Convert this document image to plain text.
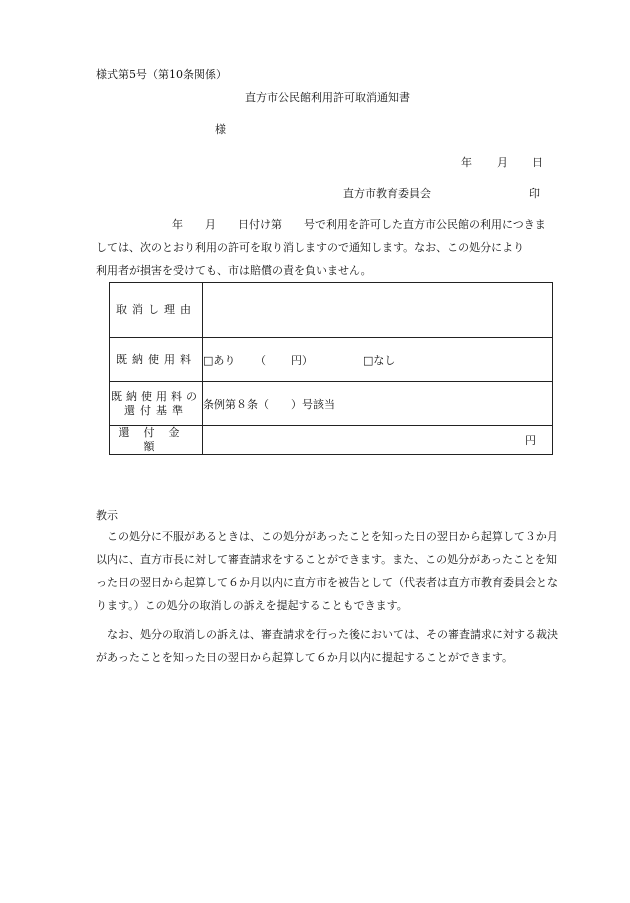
様式第5号（第10条関係）
直方市公民館利用許可取消通知書
様
年 月 日
直方市教育委員会	印
年　　月　　日付け第　　号で利用を許可した直方市公民館の利用につきま
しては、次のとおり利用の許可を取り消しますので通知します。なお、この処分により
利用者が損害を受けても、市は賠償の責を負いません。
取消し理由	
既納使用料	□あり （ 円） □なし

既納使用料の
還付基準	条例第８条（　　）号該当
還付金額	円
教示

この処分に不服があるときは、この処分があったことを知った日の翌日から起算して３か月以内に、直方市長に対して審査請求をすることができます。また、この処分があったことを知った日の翌日から起算して６か月以内に直方市を被告として（代表者は直方市教育委員会となります。）この処分の取消しの訴えを提起することもできます。

なお、処分の取消しの訴えは、審査請求を行った後においては、その審査請求に対する裁決があったことを知った日の翌日から起算して６か月以内に提起することができます。
